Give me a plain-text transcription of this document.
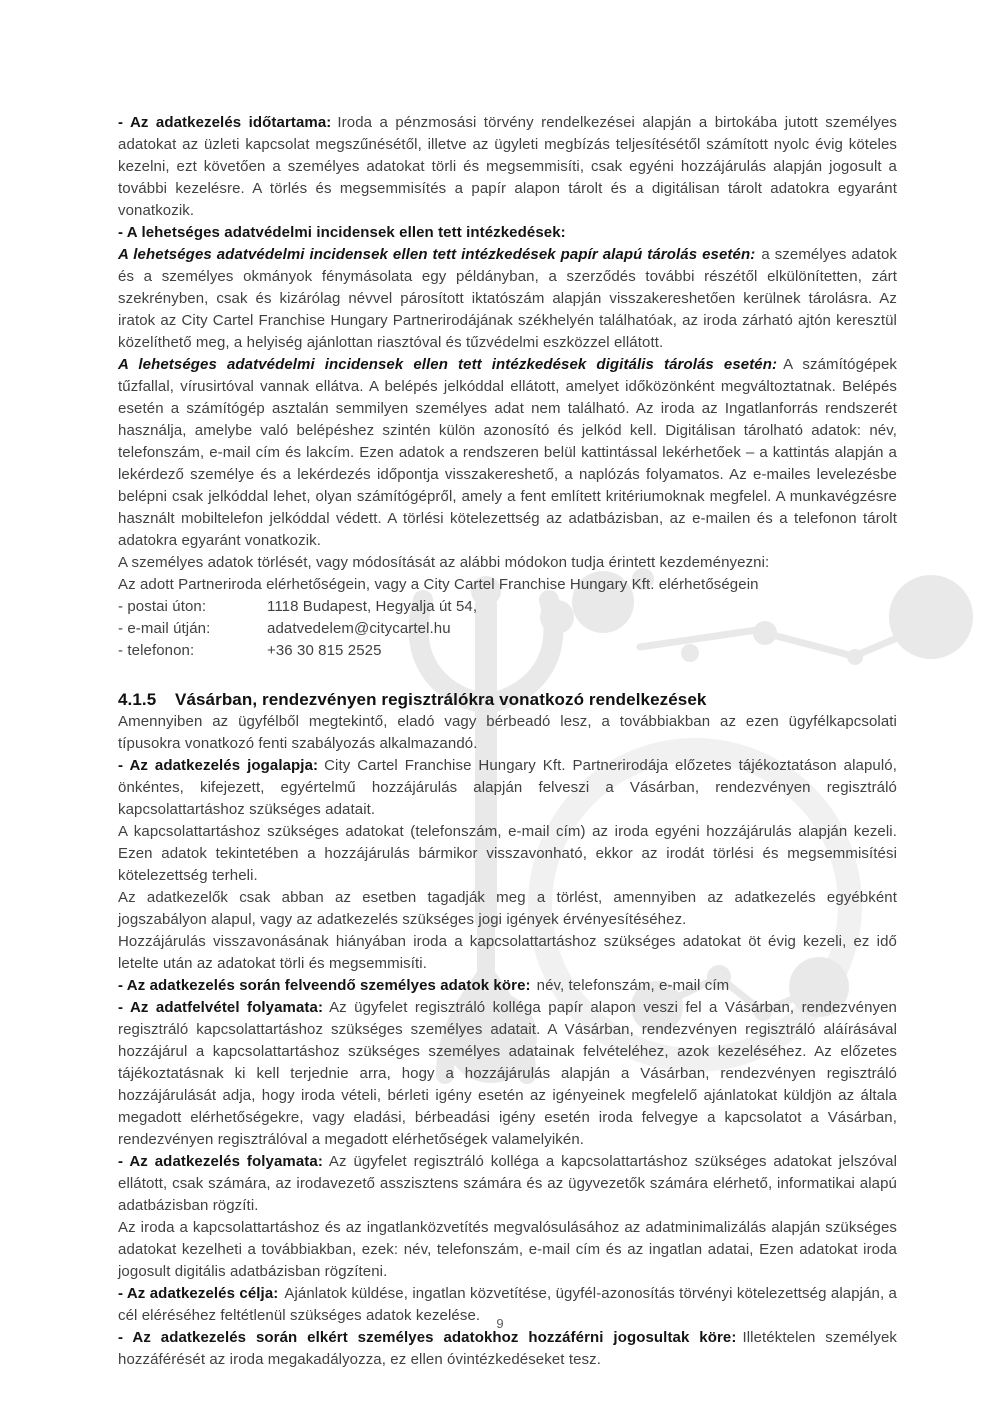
- Az adatkezelés időtartama: Iroda a pénzmosási törvény rendelkezései alapján a birtokába jutott személyes adatokat az üzleti kapcsolat megszűnésétől, illetve az ügyleti megbízás teljesítésétől számított nyolc évig köteles kezelni, ezt követően a személyes adatokat törli és megsemmisíti, csak egyéni hozzájárulás alapján jogosult a további kezelésre. A törlés és megsemmisítés a papír alapon tárolt és a digitálisan tárolt adatokra egyaránt vonatkozik.

- A lehetséges adatvédelmi incidensek ellen tett intézkedések:

A lehetséges adatvédelmi incidensek ellen tett intézkedések papír alapú tárolás esetén: a személyes adatok és a személyes okmányok fénymásolata egy példányban, a szerződés további részétől elkülönítetten, zárt szekrényben, csak és kizárólag névvel párosított iktatószám alapján visszakereshetően kerülnek tárolásra. Az iratok az City Cartel Franchise Hungary Partnerirodájának székhelyén találhatóak, az iroda zárható ajtón keresztül közelíthető meg, a helyiség ajánlottan riasztóval és tűzvédelmi eszközzel ellátott.

A lehetséges adatvédelmi incidensek ellen tett intézkedések digitális tárolás esetén: A számítógépek tűzfallal, vírusirtóval vannak ellátva. A belépés jelkóddal ellátott, amelyet időközönként megváltoztatnak. Belépés esetén a számítógép asztalán semmilyen személyes adat nem található. Az iroda az Ingatlanforrás rendszerét használja, amelybe való belépéshez szintén külön azonosító és jelkód kell. Digitálisan tárolható adatok: név, telefonszám, e-mail cím és lakcím. Ezen adatok a rendszeren belül kattintással lekérhetőek – a kattintás alapján a lekérdező személye és a lekérdezés időpontja visszakereshető, a naplózás folyamatos. Az e-mailes levelezésbe belépni csak jelkóddal lehet, olyan számítógépről, amely a fent említett kritériumoknak megfelel. A munkavégzésre használt mobiltelefon jelkóddal védett. A törlési kötelezettség az adatbázisban, az e-mailen és a telefonon tárolt adatokra egyaránt vonatkozik.

A személyes adatok törlését, vagy módosítását az alábbi módokon tudja érintett kezdeményezni:

Az adott Partneriroda elérhetőségein, vagy a City Cartel Franchise Hungary Kft. elérhetőségein

- postai úton:	1118 Budapest, Hegyalja út 54,
- e-mail útján:	adatvedelem@citycartel.hu
- telefonon:	+36 30 815 2525
4.1.5 Vásárban, rendezvényen regisztrálókra vonatkozó rendelkezések

Amennyiben az ügyfélből megtekintő, eladó vagy bérbeadó lesz, a továbbiakban az ezen ügyfélkapcsolati típusokra vonatkozó fenti szabályozás alkalmazandó.

- Az adatkezelés jogalapja: City Cartel Franchise Hungary Kft. Partnerirodája előzetes tájékoztatáson alapuló, önkéntes, kifejezett, egyértelmű hozzájárulás alapján felveszi a Vásárban, rendezvényen regisztráló kapcsolattartáshoz szükséges adatait.

A kapcsolattartáshoz szükséges adatokat (telefonszám, e-mail cím) az iroda egyéni hozzájárulás alapján kezeli. Ezen adatok tekintetében a hozzájárulás bármikor visszavonható, ekkor az irodát törlési és megsemmisítési kötelezettség terheli.

Az adatkezelők csak abban az esetben tagadják meg a törlést, amennyiben az adatkezelés egyébként jogszabályon alapul, vagy az adatkezelés szükséges jogi igények érvényesítéséhez.

Hozzájárulás visszavonásának hiányában iroda a kapcsolattartáshoz szükséges adatokat öt évig kezeli, ez idő letelte után az adatokat törli és megsemmisíti.

- Az adatkezelés során felveendő személyes adatok köre: név, telefonszám, e-mail cím

- Az adatfelvétel folyamata: Az ügyfelet regisztráló kolléga papír alapon veszi fel a Vásárban, rendezvényen regisztráló kapcsolattartáshoz szükséges személyes adatait. A Vásárban, rendezvényen regisztráló aláírásával hozzájárul a kapcsolattartáshoz szükséges személyes adatainak felvételéhez, azok kezeléséhez. Az előzetes tájékoztatásnak ki kell terjednie arra, hogy a hozzájárulás alapján a Vásárban, rendezvényen regisztráló hozzájárulását adja, hogy iroda vételi, bérleti igény esetén az igényeinek megfelelő ajánlatokat küldjön az általa megadott elérhetőségekre, vagy eladási, bérbeadási igény esetén iroda felvegye a kapcsolatot a Vásárban, rendezvényen regisztrálóval a megadott elérhetőségek valamelyikén.

- Az adatkezelés folyamata: Az ügyfelet regisztráló kolléga a kapcsolattartáshoz szükséges adatokat jelszóval ellátott, csak számára, az irodavezető asszisztens számára és az ügyvezetők számára elérhető, informatikai alapú adatbázisban rögzíti.

Az iroda a kapcsolattartáshoz és az ingatlanközvetítés megvalósulásához az adatminimalizálás alapján szükséges adatokat kezelheti a továbbiakban, ezek: név, telefonszám, e-mail cím és az ingatlan adatai, Ezen adatokat iroda jogosult digitális adatbázisban rögzíteni.

- Az adatkezelés célja: Ajánlatok küldése, ingatlan közvetítése, ügyfél-azonosítás törvényi kötelezettség alapján, a cél eléréséhez feltétlenül szükséges adatok kezelése.

- Az adatkezelés során elkért személyes adatokhoz hozzáférni jogosultak köre: Illetéktelen személyek hozzáférését az iroda megakadályozza, ez ellen óvintézkedéseket tesz.

9
